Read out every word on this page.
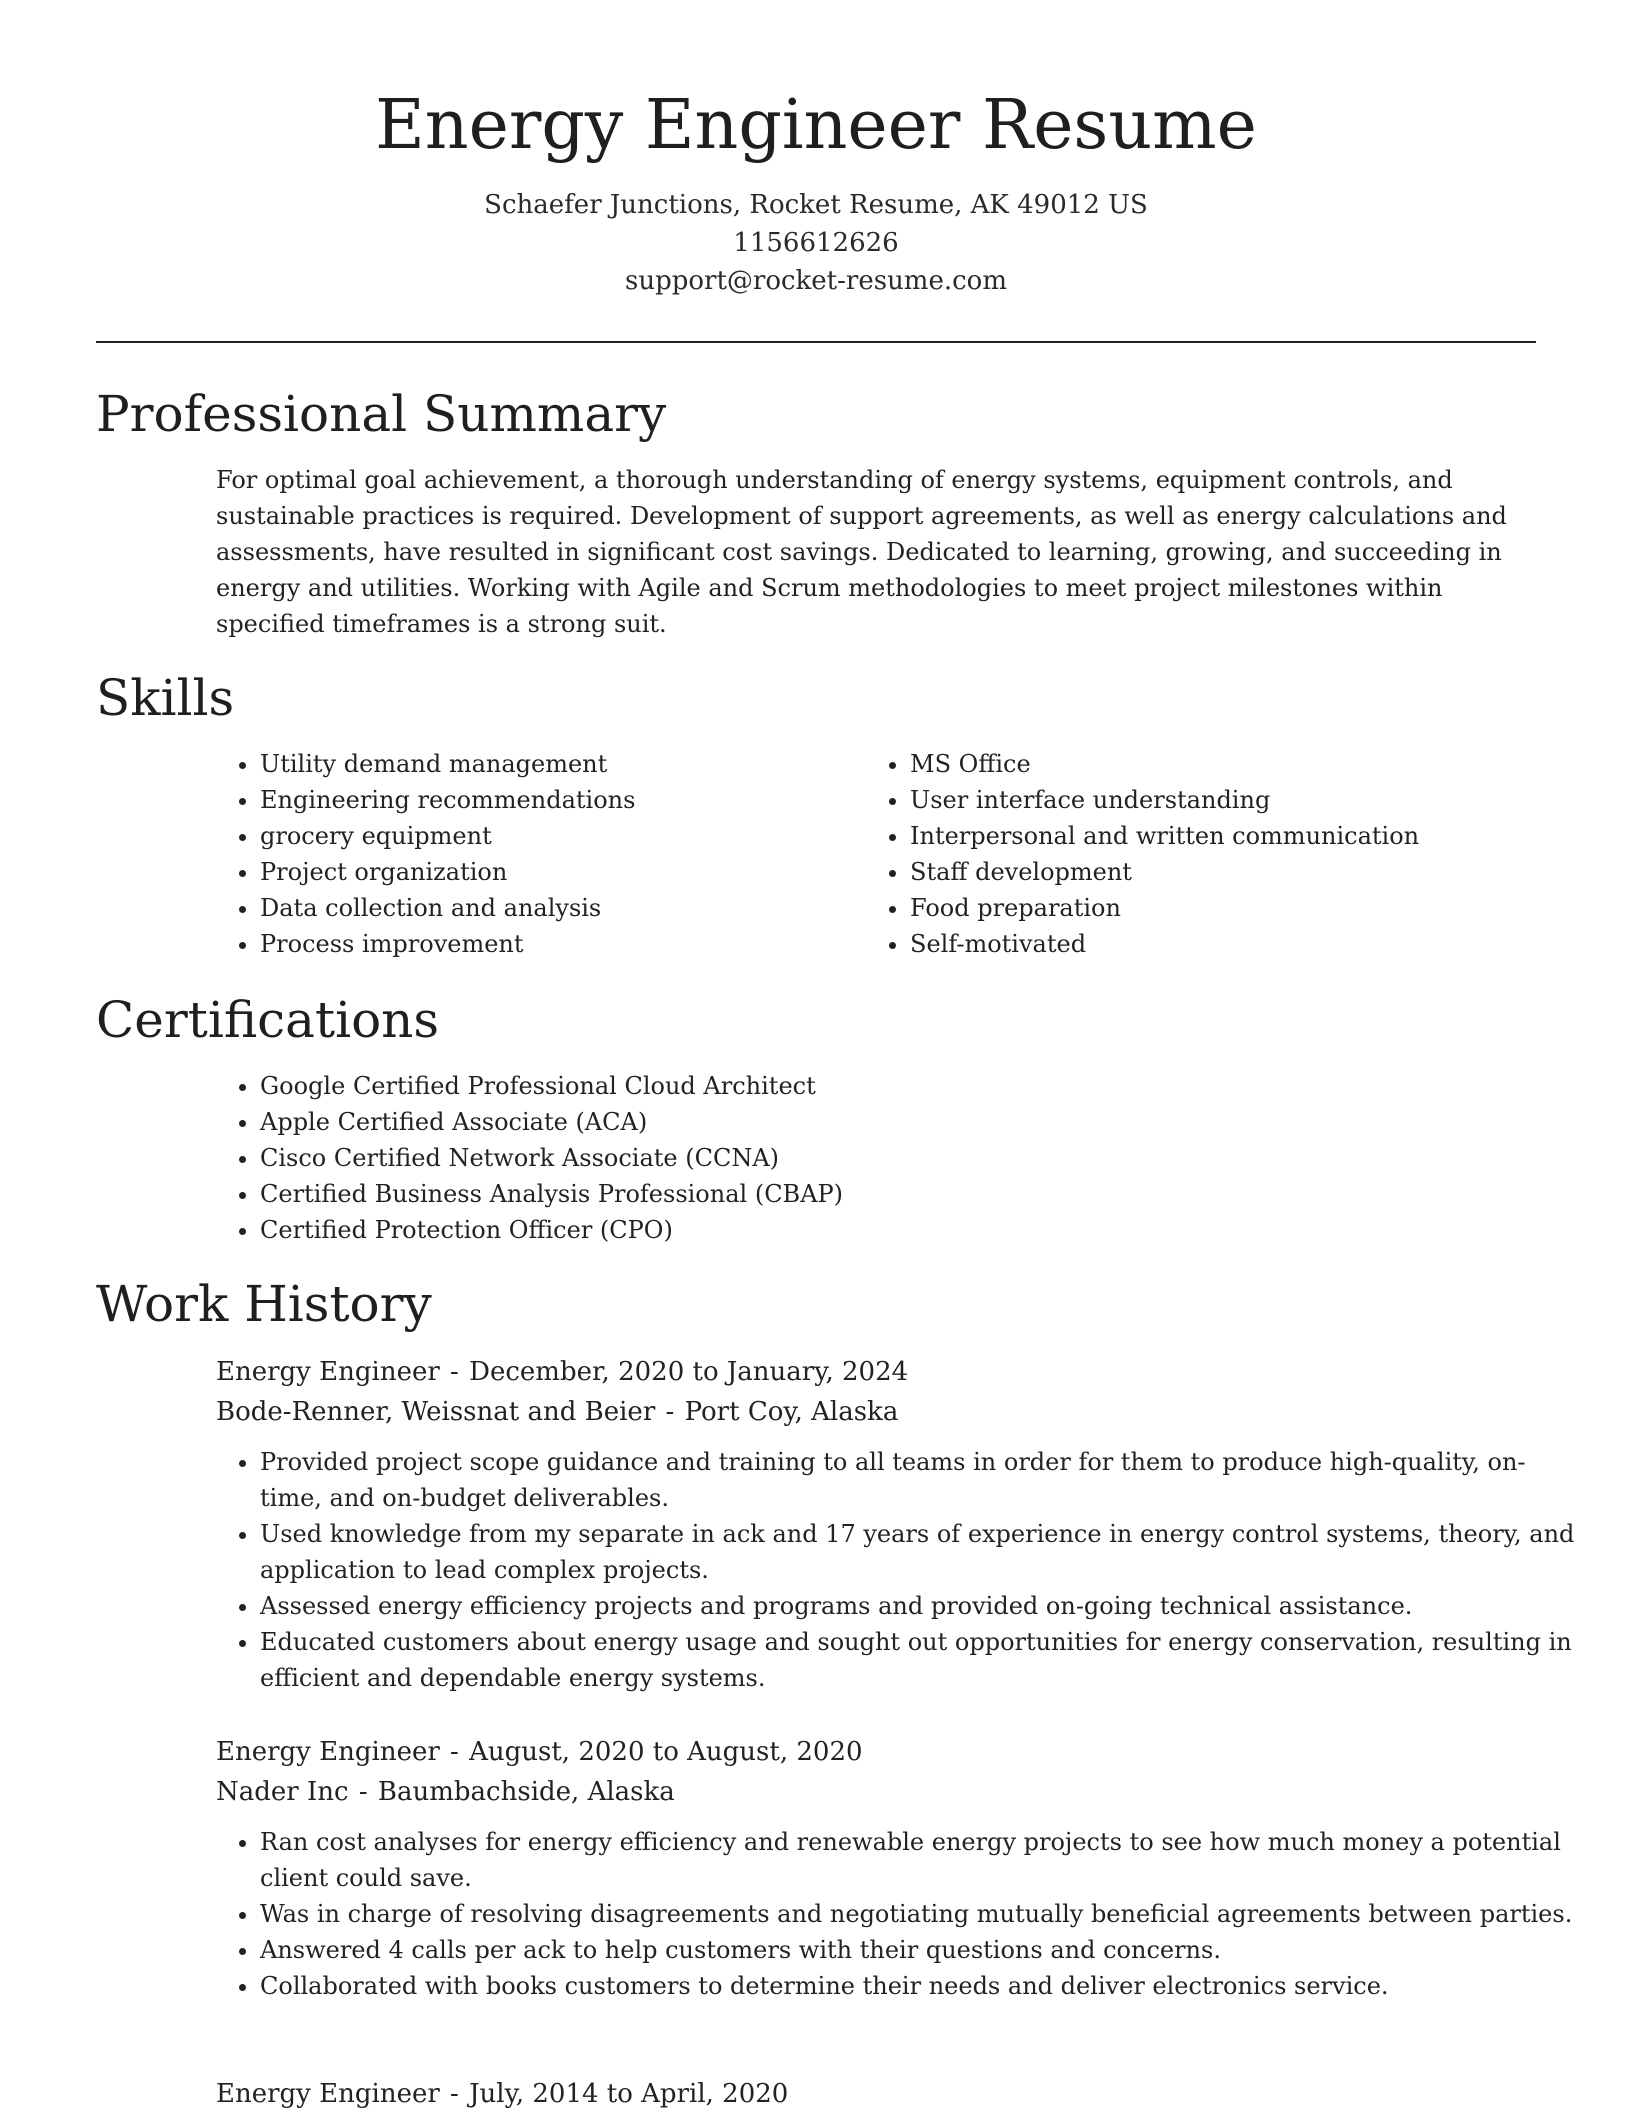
Energy Engineer Resume
Schaefer Junctions, Rocket Resume, AK 49012 US
1156612626
support@rocket-resume.com
Professional Summary

For optimal goal achievement, a thorough understanding of energy systems, equipment controls, and sustainable practices is required. Development of support agreements, as well as energy calculations and assessments, have resulted in significant cost savings. Dedicated to learning, growing, and succeeding in energy and utilities. Working with Agile and Scrum methodologies to meet project milestones within specified timeframes is a strong suit.

Skills
• Utility demand management
• Engineering recommendations
• grocery equipment
• Project organization
• Data collection and analysis
• Process improvement
• MS Office
• User interface understanding
• Interpersonal and written communication
• Staff development
• Food preparation
• Self-motivated
Certifications
• Google Certified Professional Cloud Architect
• Apple Certified Associate (ACA)
• Cisco Certified Network Associate (CCNA)
• Certified Business Analysis Professional (CBAP)
• Certified Protection Officer (CPO)
Work History
Energy Engineer - December, 2020 to January, 2024
Bode-Renner, Weissnat and Beier - Port Coy, Alaska
• Provided project scope guidance and training to all teams in order for them to produce high-quality, on-time, and on-budget deliverables.
• Used knowledge from my separate in ack and 17 years of experience in energy control systems, theory, and application to lead complex projects.
• Assessed energy efficiency projects and programs and provided on-going technical assistance.
• Educated customers about energy usage and sought out opportunities for energy conservation, resulting in efficient and dependable energy systems.
Energy Engineer - August, 2020 to August, 2020
Nader Inc - Baumbachside, Alaska
• Ran cost analyses for energy efficiency and renewable energy projects to see how much money a potential client could save.
• Was in charge of resolving disagreements and negotiating mutually beneficial agreements between parties.
• Answered 4 calls per ack to help customers with their questions and concerns.
• Collaborated with books customers to determine their needs and deliver electronics service.
Energy Engineer - July, 2014 to April, 2020
